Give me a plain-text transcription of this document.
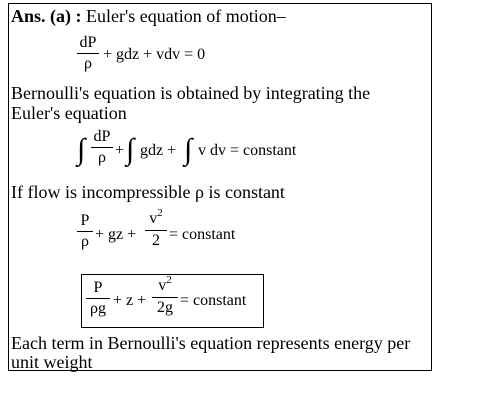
Ans. (a) : Euler's equation of motion–
dP
ρ
+ gdz + vdv = 0
Bernoulli's equation is obtained by integrating the
Euler's equation
∫ dP
ρ + ∫ gdz + ∫ v dv = constant
If flow is incompressible ρ is constant
P
ρ + gz +
$v^2$
2 = constant
P
ρg + z +
$v^2$
2g = constant
Each term in Bernoulli's equation represents energy per
unit weight
